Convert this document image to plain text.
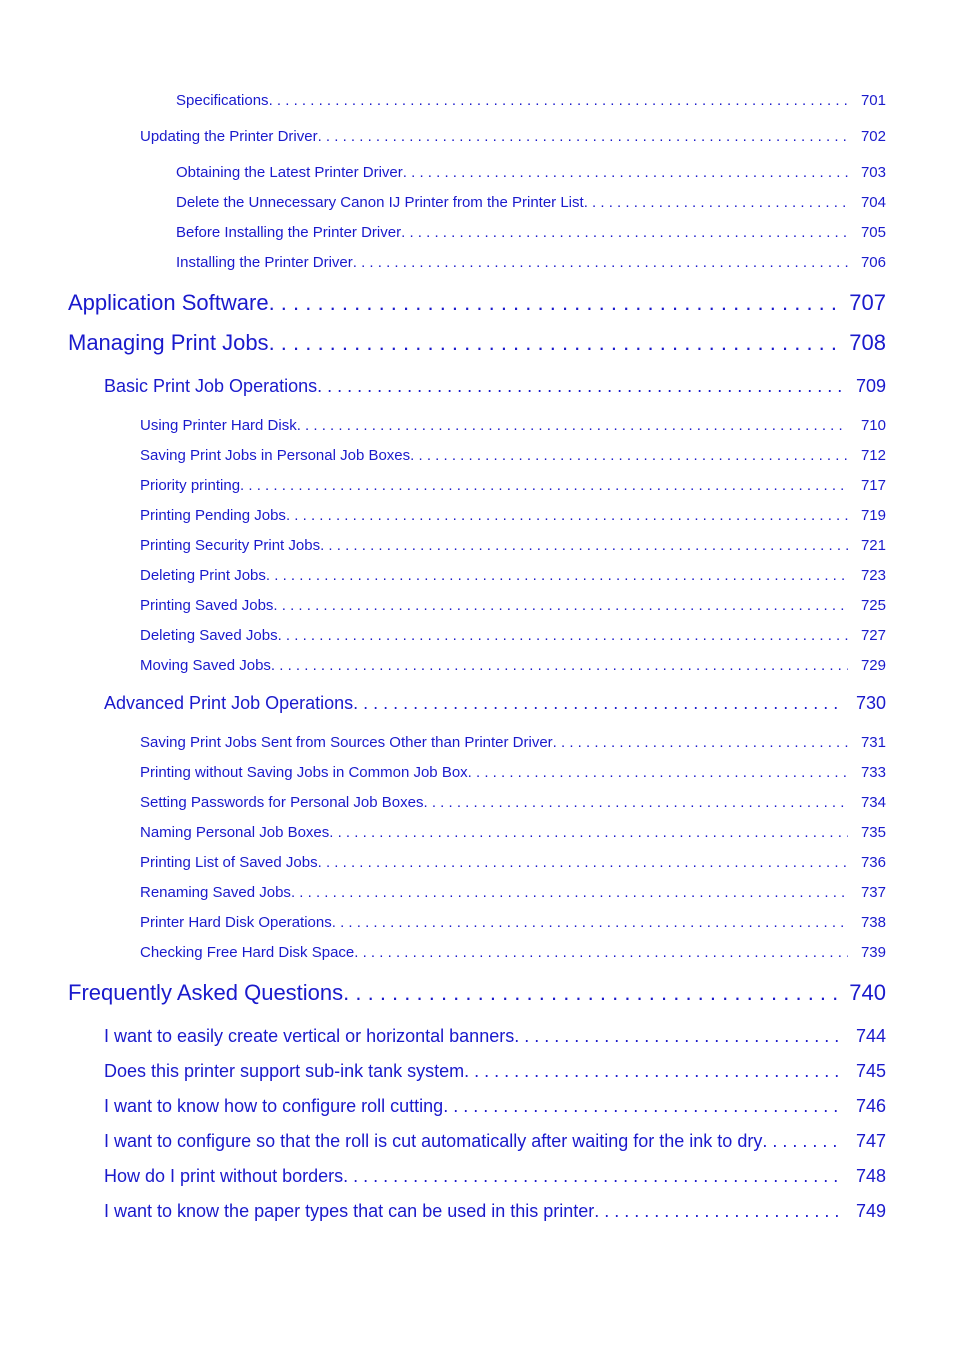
Specifications . . .	701
Updating the Printer Driver . . .	702
Obtaining the Latest Printer Driver . . .	703
Delete the Unnecessary Canon IJ Printer from the Printer List . . .	704
Before Installing the Printer Driver . . .	705
Installing the Printer Driver . . .	706
Application Software . . .	707
Managing Print Jobs . . .	708
Basic Print Job Operations . . .	709
Using Printer Hard Disk . . .	710
Saving Print Jobs in Personal Job Boxes . . .	712
Priority printing . . .	717
Printing Pending Jobs . . .	719
Printing Security Print Jobs . . .	721
Deleting Print Jobs . . .	723
Printing Saved Jobs . . .	725
Deleting Saved Jobs . . .	727
Moving Saved Jobs . . .	729
Advanced Print Job Operations . . .	730
Saving Print Jobs Sent from Sources Other than Printer Driver . . .	731
Printing without Saving Jobs in Common Job Box . . .	733
Setting Passwords for Personal Job Boxes . . .	734
Naming Personal Job Boxes . . .	735
Printing List of Saved Jobs . . .	736
Renaming Saved Jobs . . .	737
Printer Hard Disk Operations . . .	738
Checking Free Hard Disk Space . . .	739
Frequently Asked Questions . . .	740
I want to easily create vertical or horizontal banners . . .	744
Does this printer support sub-ink tank system . . .	745
I want to know how to configure roll cutting . . .	746
I want to configure so that the roll is cut automatically after waiting for the ink to dry . . .	747
How do I print without borders . . .	748
I want to know the paper types that can be used in this printer . . .	749
